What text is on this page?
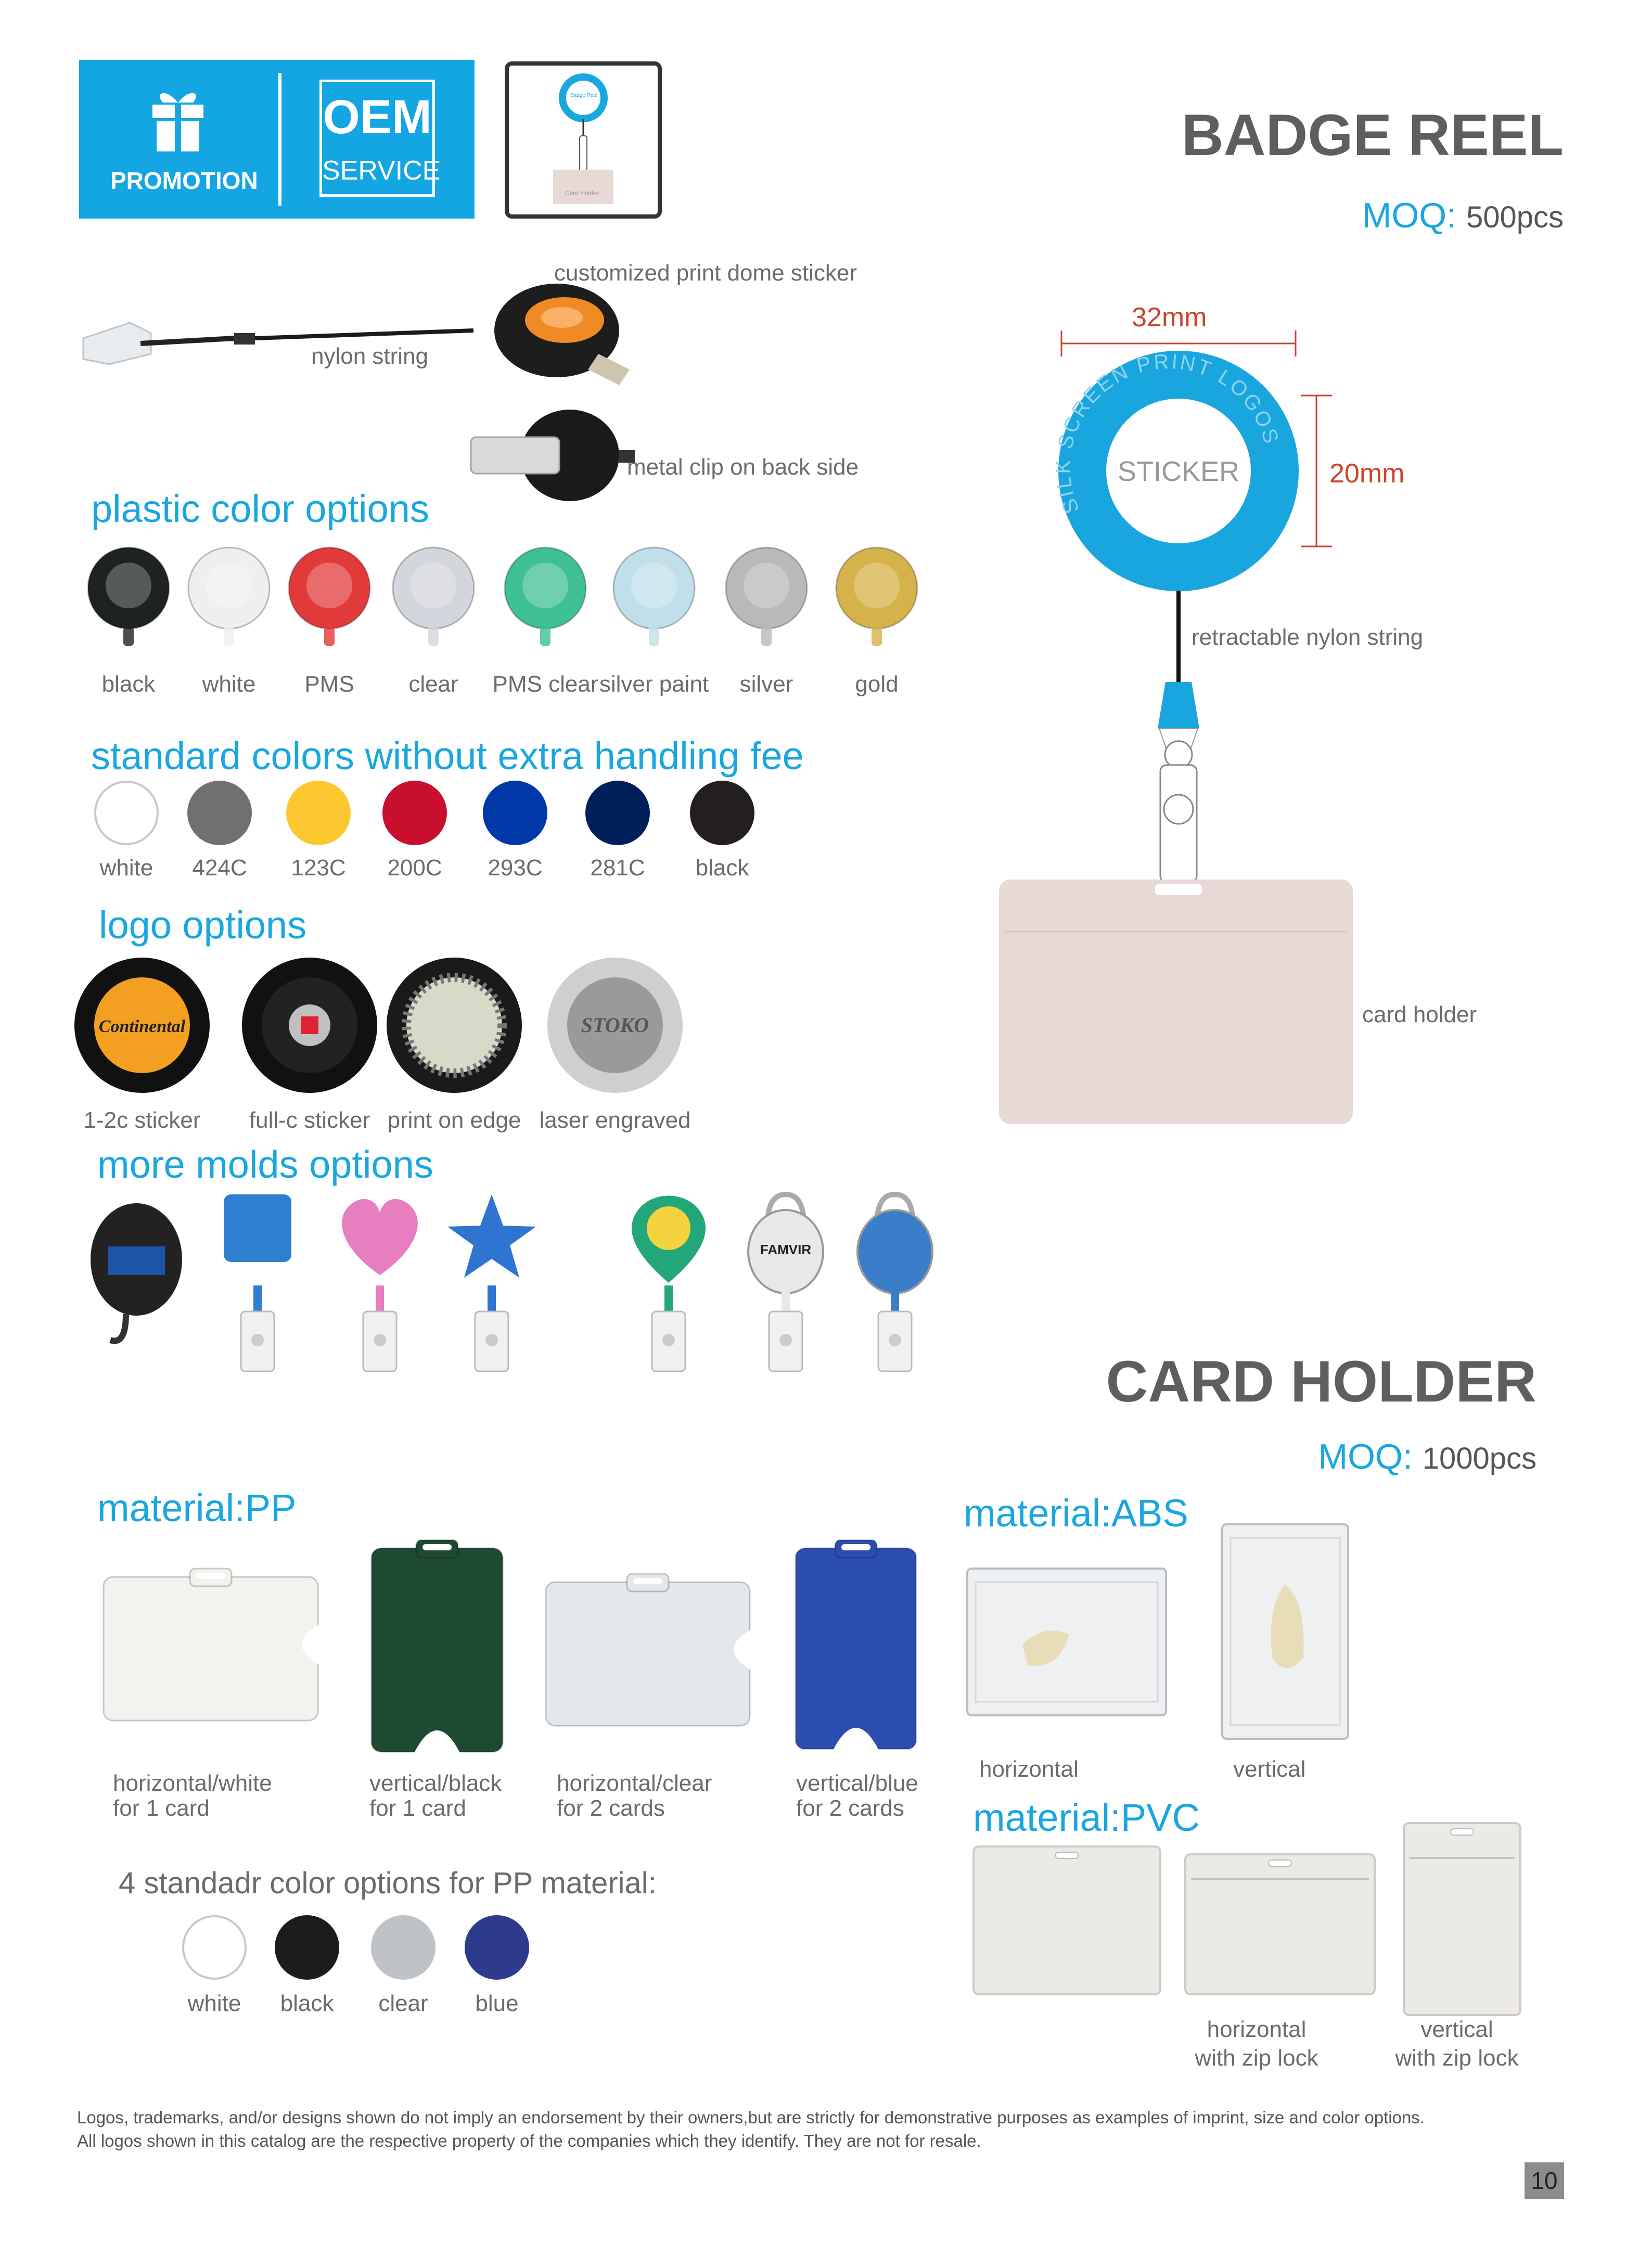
PROMOTION
OEM
SERVICE
Badge Reel
Card Holder
BADGE REEL
MOQ: 500pcs
customized print dome sticker
nylon string
metal clip on back side
plastic color options
black white PMS clear PMS clear silver paint silver	gold
standard colors without extra handling fee
white 424C 123C 200C 293C 281C black
logo options
Continental
1-2c sticker full-c sticker print on edge
STOKO
laser engraved
more molds options
FAMVIR
SILK SCREEN PRINT LOGOS
32mm
20mm
STICKER
retractable nylon string
card holder
CARD HOLDER
MOQ: 1000pcs
material:PP
horizontal/white
for 1 card
vertical/black
for 1 card
horizontal/clear
for 2 cards
vertical/blue
for 2 cards
4 standadr color options for PP material:
white black clear blue
material:ABS
horizontal	vertical
material:PVC
horizontal
with zip lock
vertical
with zip lock
Logos, trademarks, and/or designs shown do not imply an endorsement by their owners,but are strictly for demonstrative purposes as examples of imprint, size and color options.
All logos shown in this catalog are the respective property of the companies which they identify. They are not for resale.
10
